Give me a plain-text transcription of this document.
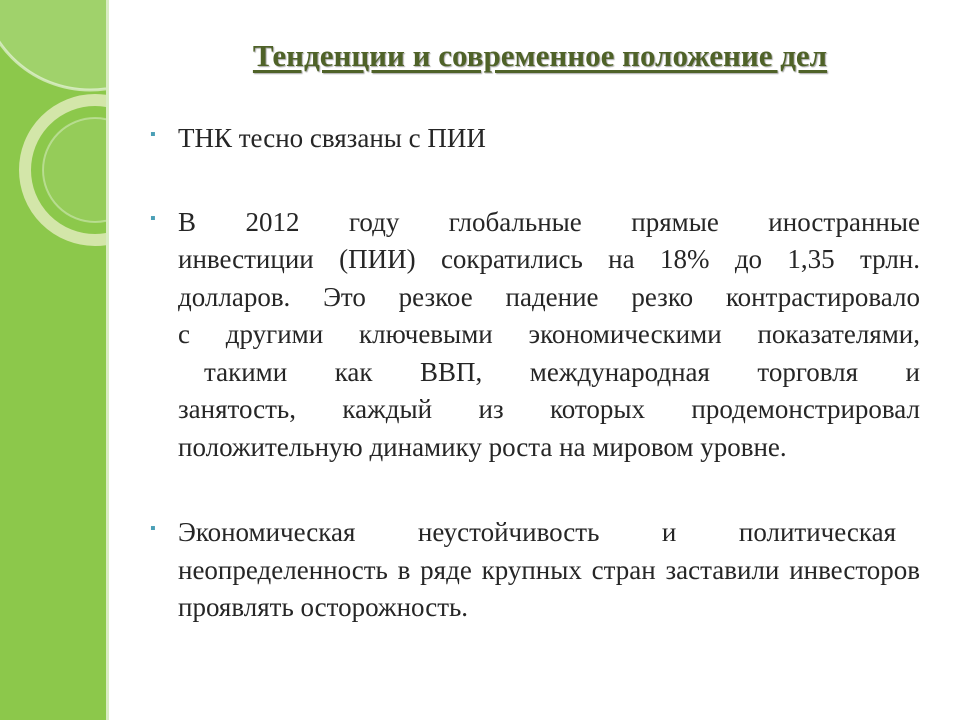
Тенденции и современное положение дел
▪ ТНК тесно связаны с ПИИ
▪ В 2012 году глобальные прямые иностранные
инвестиции (ПИИ) сократились на 18% до 1,35 трлн.
долларов. Это резкое падение резко контрастировало
с другими ключевыми экономическими показателями,
такими как ВВП, международная торговля и
занятость, каждый из которых продемонстрировал
положительную динамику роста на мировом уровне.
▪ Экономическая неустойчивость и политическая неопределенность в ряде крупных стран заставили инвесторов проявлять осторожность.
